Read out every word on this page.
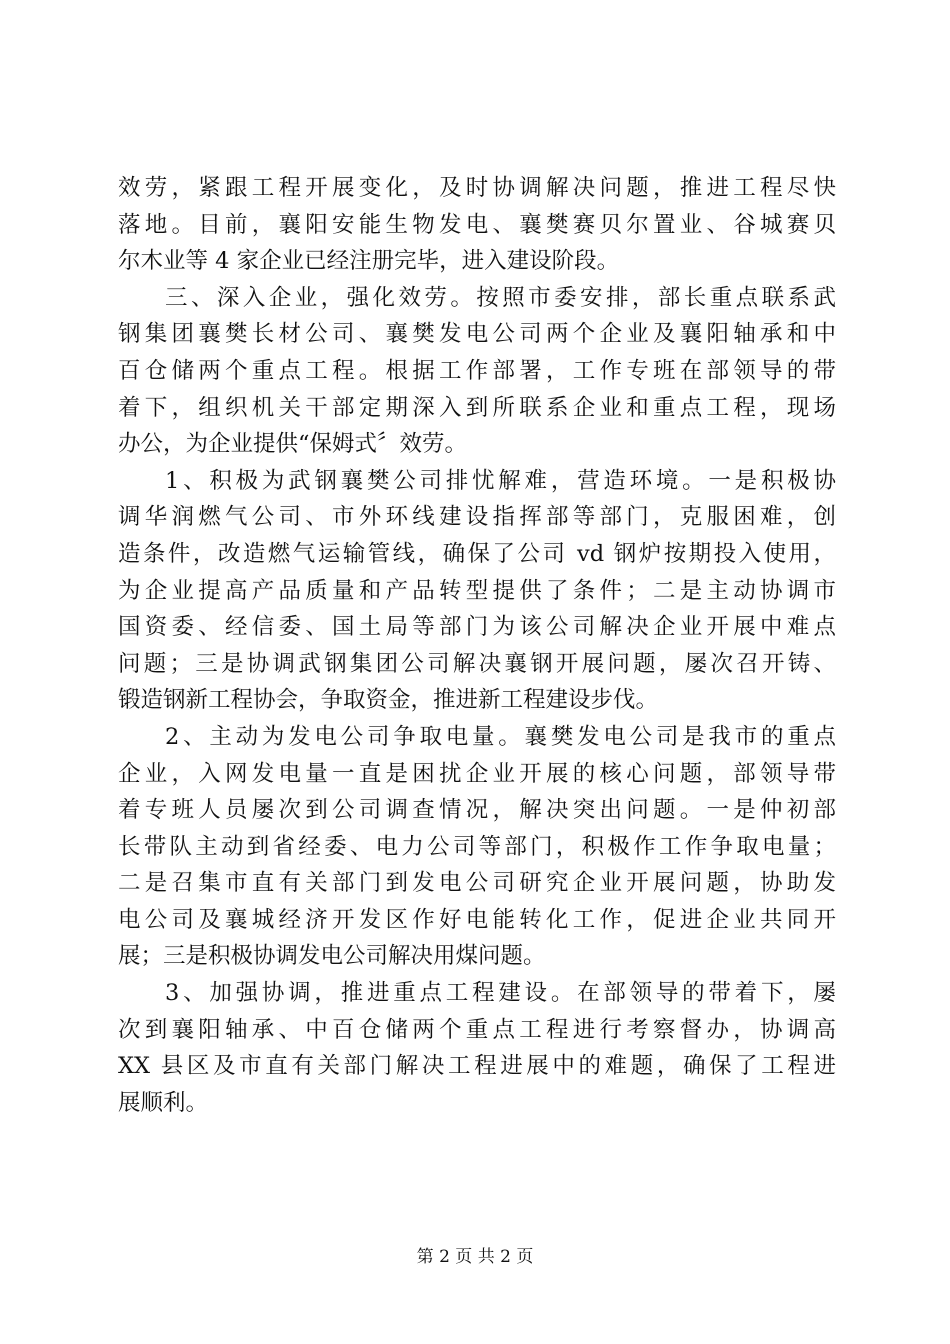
效劳，紧跟工程开展变化，及时协调解决问题，推进工程尽快
落地。目前，襄阳安能生物发电、襄樊赛贝尔置业、谷城赛贝
尔木业等 4 家企业已经注册完毕，进入建设阶段。
三、深入企业，强化效劳。按照市委安排，部长重点联系武
钢集团襄樊长材公司、襄樊发电公司两个企业及襄阳轴承和中
百仓储两个重点工程。根据工作部署，工作专班在部领导的带
着下，组织机关干部定期深入到所联系企业和重点工程，现场
办公，为企业提供“保姆式〞效劳。
1、积极为武钢襄樊公司排忧解难，营造环境。一是积极协
调华润燃气公司、市外环线建设指挥部等部门，克服困难，创
造条件，改造燃气运输管线，确保了公司 vd 钢炉按期投入使用，
为企业提高产品质量和产品转型提供了条件；二是主动协调市
国资委、经信委、国土局等部门为该公司解决企业开展中难点
问题；三是协调武钢集团公司解决襄钢开展问题，屡次召开铸、
锻造钢新工程协会，争取资金，推进新工程建设步伐。
2、主动为发电公司争取电量。襄樊发电公司是我市的重点
企业，入网发电量一直是困扰企业开展的核心问题，部领导带
着专班人员屡次到公司调查情况，解决突出问题。一是仲初部
长带队主动到省经委、电力公司等部门，积极作工作争取电量；
二是召集市直有关部门到发电公司研究企业开展问题，协助发
电公司及襄城经济开发区作好电能转化工作，促进企业共同开
展；三是积极协调发电公司解决用煤问题。
3、加强协调，推进重点工程建设。在部领导的带着下，屡
次到襄阳轴承、中百仓储两个重点工程进行考察督办，协调高
XX 县区及市直有关部门解决工程进展中的难题，确保了工程进
展顺利。
第 2 页 共 2 页
